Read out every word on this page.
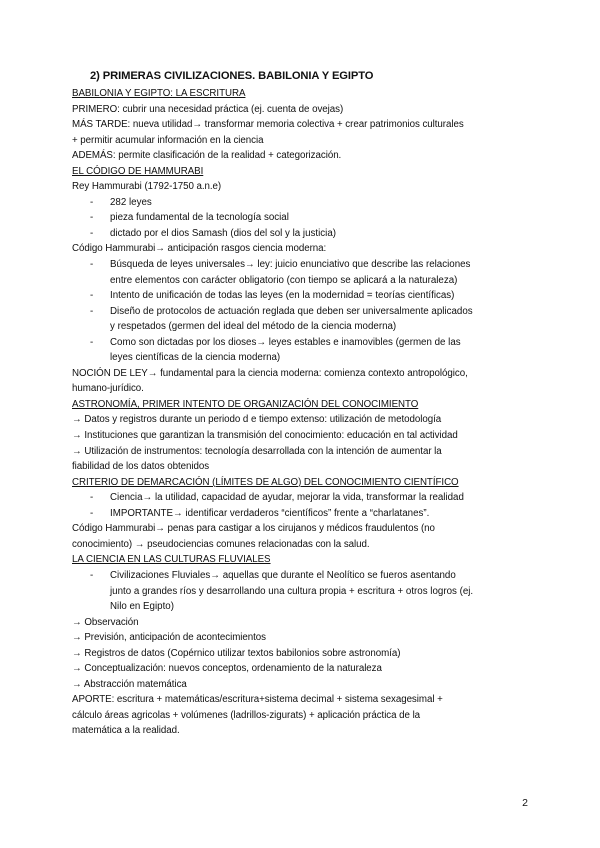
2) PRIMERAS CIVILIZACIONES. BABILONIA Y EGIPTO
BABILONIA Y EGIPTO: LA ESCRITURA
PRIMERO: cubrir una necesidad práctica (ej. cuenta de ovejas)
MÁS TARDE: nueva utilidad→ transformar memoria colectiva + crear patrimonios culturales
+ permitir acumular información en la ciencia
ADEMÁS: permite clasificación de la realidad + categorización.
EL CÓDIGO DE HAMMURABI
Rey Hammurabi (1792-1750 a.n.e)
-	282 leyes
-	pieza fundamental de la tecnología social
-	dictado por el dios Samash (dios del sol y la justicia)
Código Hammurabi→ anticipación rasgos ciencia moderna:
-	Búsqueda de leyes universales→ ley: juicio enunciativo que describe las relaciones
entre elementos con carácter obligatorio (con tiempo se aplicará a la naturaleza)
-	Intento de unificación de todas las leyes (en la modernidad = teorías científicas)
-	Diseño de protocolos de actuación reglada que deben ser universalmente aplicados
y respetados (germen del ideal del método de la ciencia moderna)
-	Como son dictadas por los dioses→ leyes estables e inamovibles (germen de las
leyes científicas de la ciencia moderna)
NOCIÓN DE LEY→ fundamental para la ciencia moderna: comienza contexto antropológico,
humano-jurídico.
ASTRONOMÍA, PRIMER INTENTO DE ORGANIZACIÓN DEL CONOCIMIENTO
→ Datos y registros durante un periodo d e tiempo extenso: utilización de metodología
→ Instituciones que garantizan la transmisión del conocimiento: educación en tal actividad
→ Utilización de instrumentos: tecnología desarrollada con la intención de aumentar la
fiabilidad de los datos obtenidos
CRITERIO DE DEMARCACIÓN (LÍMITES DE ALGO) DEL CONOCIMIENTO CIENTÍFICO
-	Ciencia→ la utilidad, capacidad de ayudar, mejorar la vida, transformar la realidad
-	IMPORTANTE→ identificar verdaderos “científicos” frente a “charlatanes”.
Código Hammurabi→ penas para castigar a los cirujanos y médicos fraudulentos (no
conocimiento) → pseudociencias comunes relacionadas con la salud.
LA CIENCIA EN LAS CULTURAS FLUVIALES
-	Civilizaciones Fluviales→ aquellas que durante el Neolítico se fueros asentando
junto a grandes ríos y desarrollando una cultura propia + escritura + otros logros (ej.
Nilo en Egipto)
→ Observación
→ Previsión, anticipación de acontecimientos
→ Registros de datos (Copérnico utilizar textos babilonios sobre astronomía)
→ Conceptualización: nuevos conceptos, ordenamiento de la naturaleza
→ Abstracción matemática
APORTE: escritura + matemáticas/escritura+sistema decimal + sistema sexagesimal +
cálculo áreas agricolas + volúmenes (ladrillos-zigurats) + aplicación práctica de la
matemática a la realidad.
2
